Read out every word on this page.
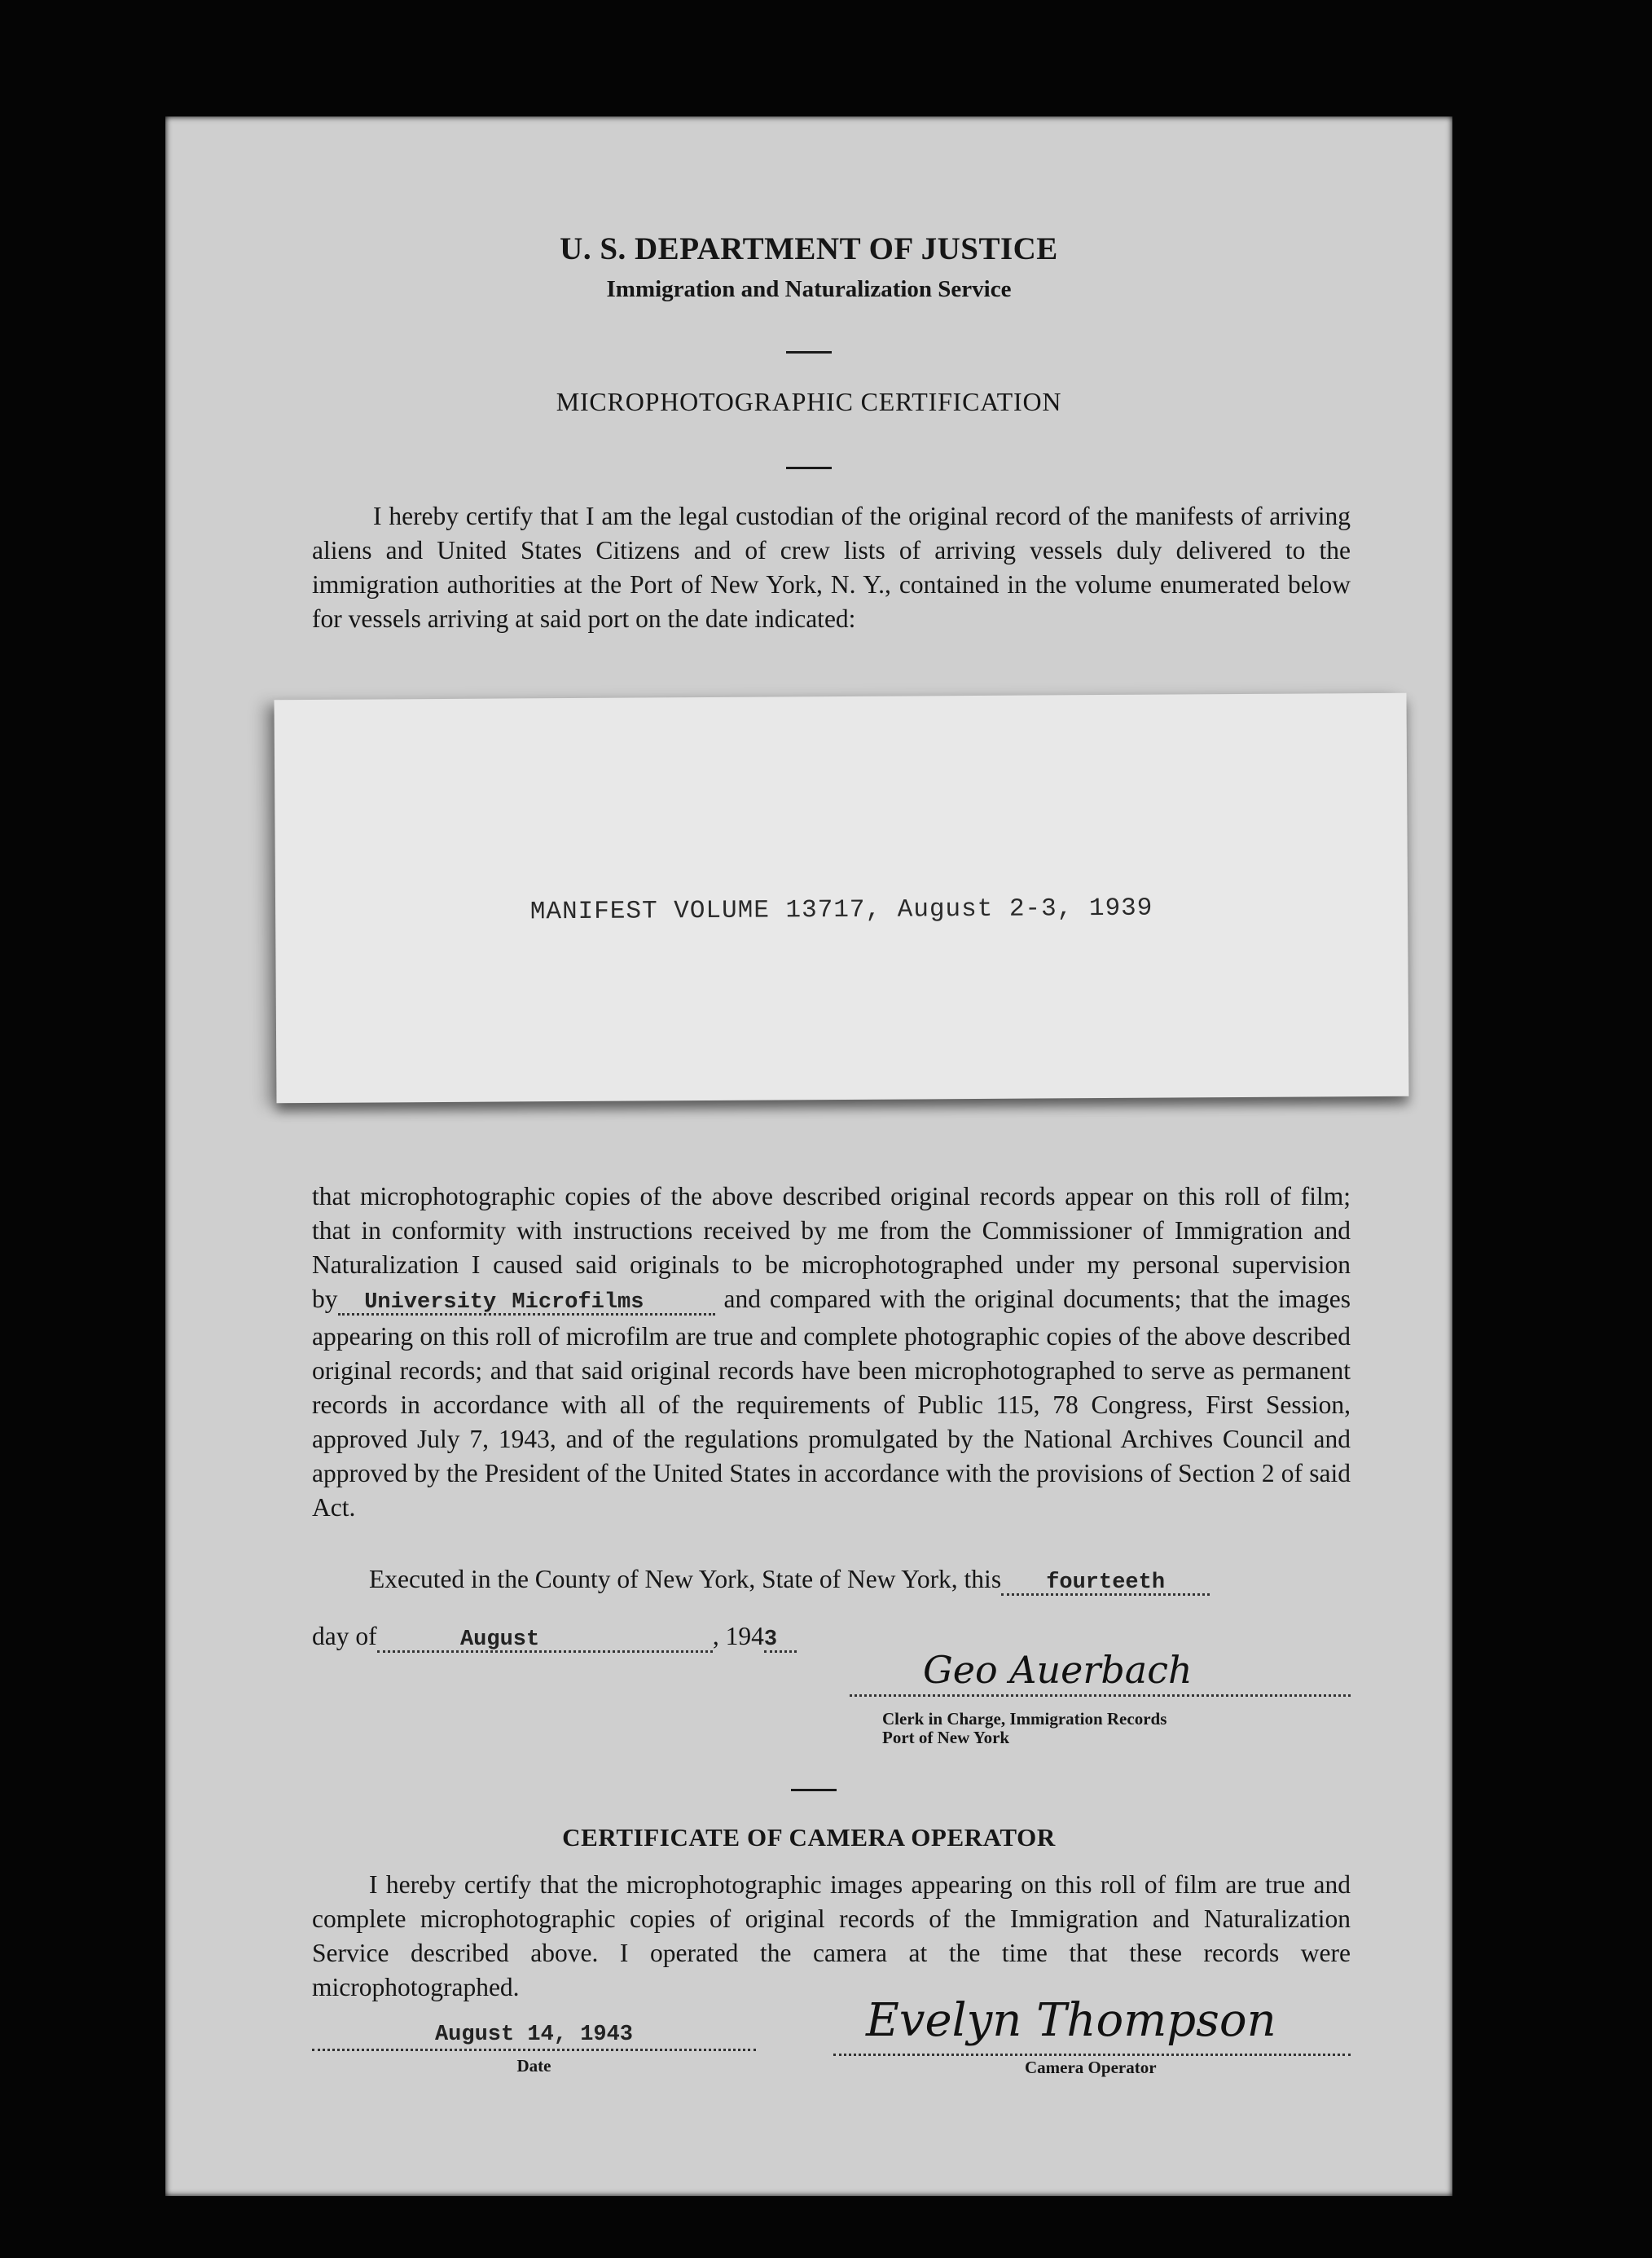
U. S. DEPARTMENT OF JUSTICE
Immigration and Naturalization Service
MICROPHOTOGRAPHIC CERTIFICATION
I hereby certify that I am the legal custodian of the original record of the manifests of arriving aliens and United States Citizens and of crew lists of arriving vessels duly delivered to the immigration authorities at the Port of New York, N. Y., contained in the volume enumerated below for vessels arriving at said port on the date indicated:
MANIFEST VOLUME 13717, August 2-3, 1939
that microphotographic copies of the above described original records appear on this roll of film; that in conformity with instructions received by me from the Commissioner of Immigration and Naturalization I caused said originals to be microphotographed under my personal supervision by University Microfilms	and compared with the original documents; that the images appearing on this roll of microfilm are true and complete photographic copies of the above described original records; and that said original records have been microphotographed to serve as permanent records in accordance with all of the requirements of Public 115, 78 Congress, First Session, approved July 7, 1943, and of the regulations promulgated by the National Archives Council and approved by the President of the United States in accordance with the provisions of Section 2 of said Act.
Executed in the County of New York, State of New York, this fourteeth
day of	August	, 1943
Geo Auerbach
Clerk in Charge, Immigration Records
Port of New York
CERTIFICATE OF CAMERA OPERATOR
I hereby certify that the microphotographic images appearing on this roll of film are true and complete microphotographic copies of original records of the Immigration and Naturalization Service described above. I operated the camera at the time that these records were microphotographed.
August 14, 1943
Date
Evelyn Thompson
Camera Operator
